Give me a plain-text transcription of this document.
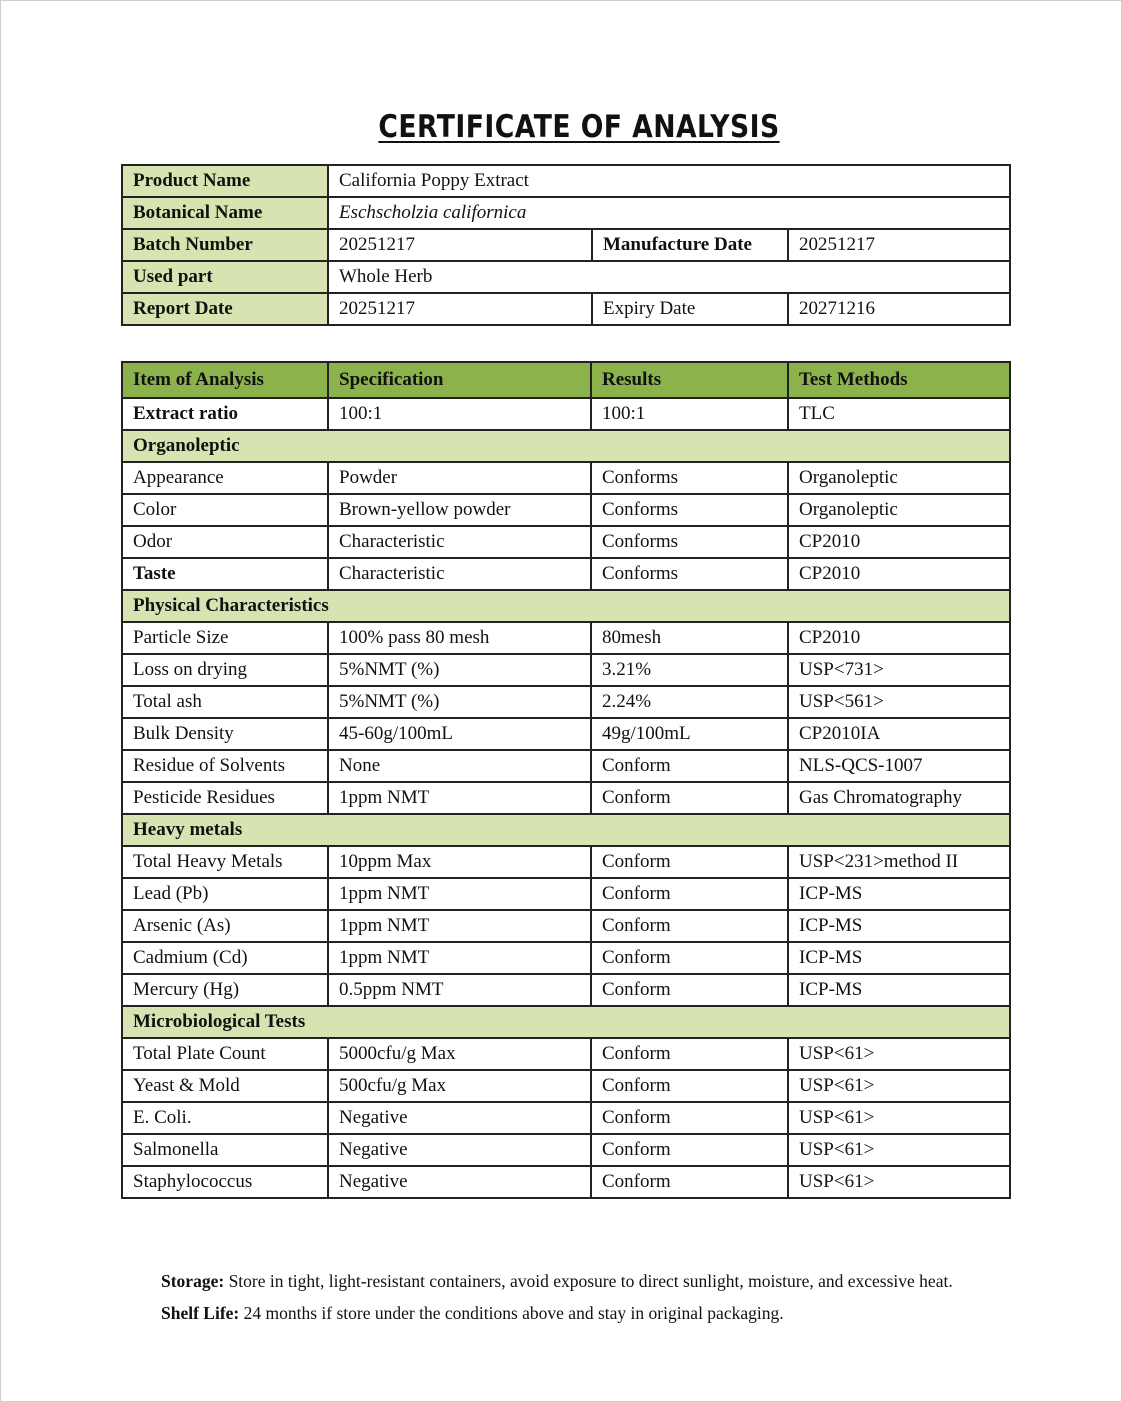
CERTIFICATE OF ANALYSIS
Product Name	California Poppy Extract		
Botanical Name	Eschscholzia californica		
Batch Number	20251217	Manufacture Date	20251217
Used part	Whole Herb		
Report Date	20251217	Expiry Date	20271216
Item of Analysis	Specification	Results	Test Methods
Extract ratio	100:1	100:1	TLC
Organoleptic			
Appearance	Powder	Conforms	Organoleptic
Color	Brown-yellow powder	Conforms	Organoleptic
Odor	Characteristic	Conforms	CP2010
Taste	Characteristic	Conforms	CP2010
Physical Characteristics			
Particle Size	100% pass 80 mesh	80mesh	CP2010
Loss on drying	5%NMT (%)	3.21%	USP<731>
Total ash	5%NMT (%)	2.24%	USP<561>
Bulk Density	45-60g/100mL	49g/100mL	CP2010IA
Residue of Solvents	None	Conform	NLS-QCS-1007
Pesticide Residues	1ppm NMT	Conform	Gas Chromatography
Heavy metals			
Total Heavy Metals	10ppm Max	Conform	USP<231>method II
Lead (Pb)	1ppm NMT	Conform	ICP-MS
Arsenic (As)	1ppm NMT	Conform	ICP-MS
Cadmium (Cd)	1ppm NMT	Conform	ICP-MS
Mercury (Hg)	0.5ppm NMT	Conform	ICP-MS
Microbiological Tests			
Total Plate Count	5000cfu/g Max	Conform	USP<61>
Yeast & Mold	500cfu/g Max	Conform	USP<61>
E. Coli.	Negative	Conform	USP<61>
Salmonella	Negative	Conform	USP<61>
Staphylococcus	Negative	Conform	USP<61>
Storage: Store in tight, light-resistant containers, avoid exposure to direct sunlight, moisture, and excessive heat.
Shelf Life: 24 months if store under the conditions above and stay in original packaging.
